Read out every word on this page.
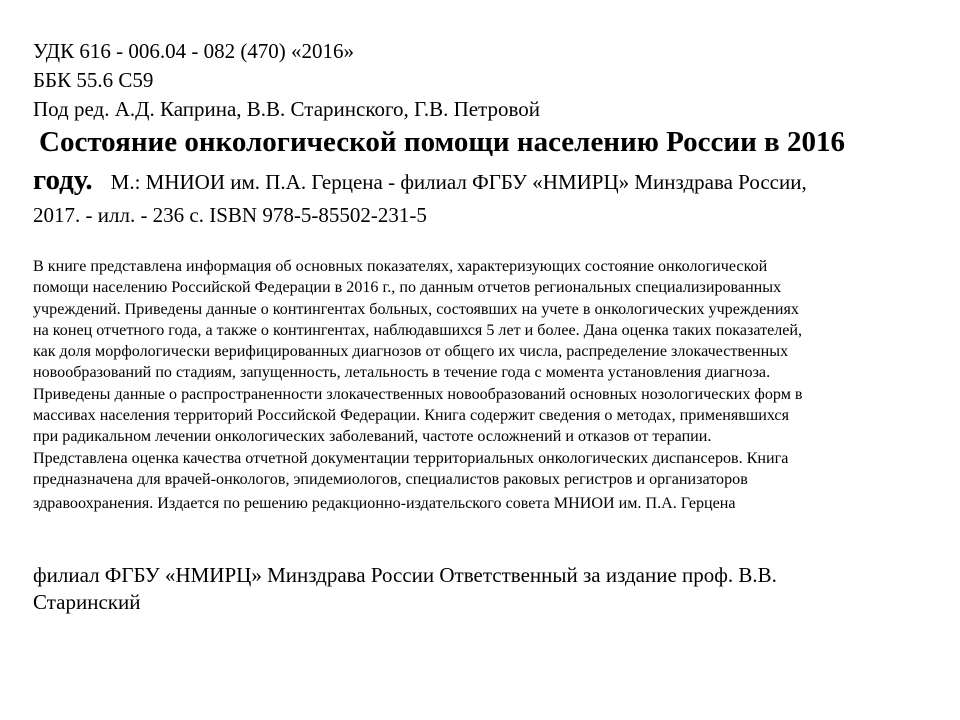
УДК 616 - 006.04 - 082 (470) «2016»
ББК 55.6 С59
Под ред. А.Д. Каприна, В.В. Старинского, Г.В. Петровой
Состояние онкологической помощи населению России в 2016
году. М.: МНИОИ им. П.А. Герцена - филиал ФГБУ «НМИРЦ» Минздрава России,
2017. - илл. - 236 с. ISBN 978-5-85502-231-5
В книге представлена информация об основных показателях, характеризующих состояние онкологической
помощи населению Российской Федерации в 2016 г., по данным отчетов региональных специализированных
учреждений. Приведены данные о контингентах больных, состоявших на учете в онкологических учреждениях
на конец отчетного года, а также о контингентах, наблюдавшихся 5 лет и более. Дана оценка таких показателей,
как доля морфологически верифицированных диагнозов от общего их числа, распределение злокачественных
новообразований по стадиям, запущенность, летальность в течение года с момента установления диагноза.
Приведены данные о распространенности злокачественных новообразований основных нозологических форм в
массивах населения территорий Российской Федерации. Книга содержит сведения о методах, применявшихся
при радикальном лечении онкологических заболеваний, частоте осложнений и отказов от терапии.
Представлена оценка качества отчетной документации территориальных онкологических диспансеров. Книга
предназначена для врачей-онкологов, эпидемиологов, специалистов раковых регистров и организаторов
здравоохранения. Издается по решению редакционно-издательского совета МНИОИ им. П.А. Герцена
филиал ФГБУ «НМИРЦ» Минздрава России Ответственный за издание проф. В.В.
Старинский
